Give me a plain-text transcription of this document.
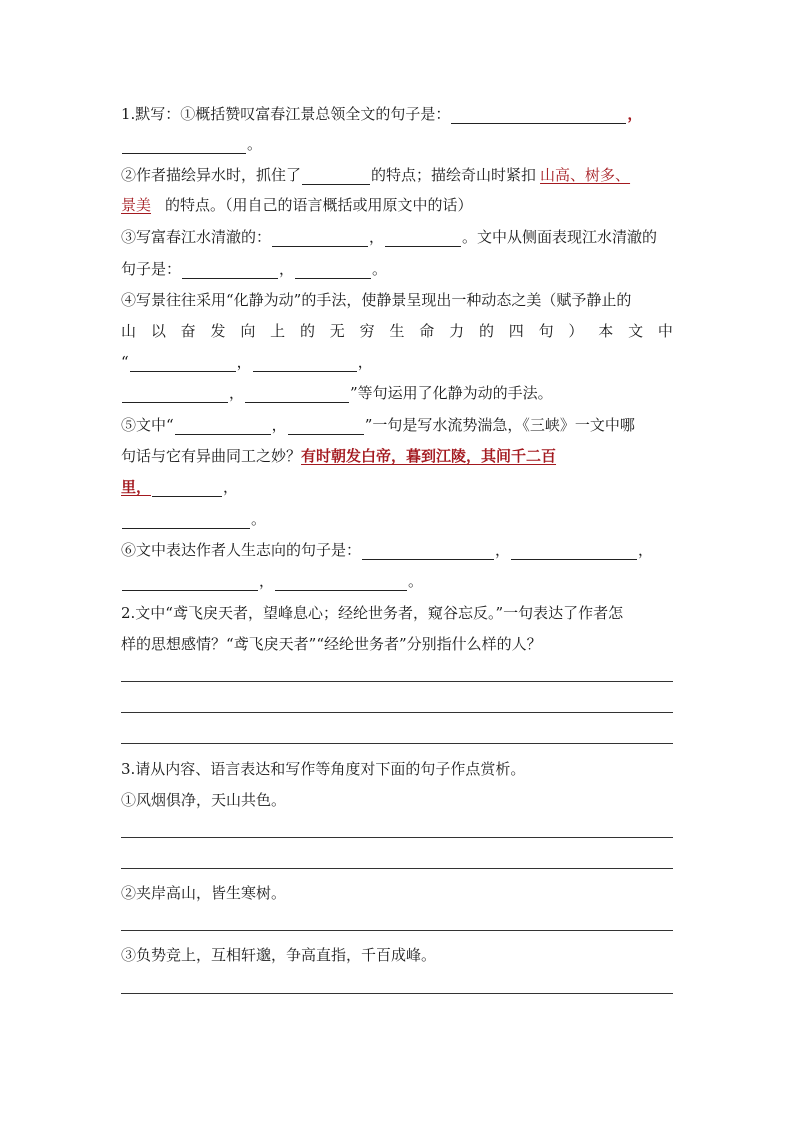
1.默写：①概括赞叹富春江景总领全文的句子是：	，
。
②作者描绘异水时，抓住了	的特点；描绘奇山时紧扣 山高、树多、
景美 的特点。（用自己的语言概括或用原文中的话）
③写富春江水清澈的：	，	。文中从侧面表现江水清澈的
句子是：	，	。
④写景往往采用“化静为动”的手法，使静景呈现出一种动态之美（赋予静止的
山 以 奋 发 向 上 的 无 穷 生 命 力 的 四 句 ） 本 文 中
“	，	，
，	”等句运用了化静为动的手法。
⑤文中“	，	”一句是写水流势湍急，《三峡》一文中哪
句话与它有异曲同工之妙？有时朝发白帝，暮到江陵，其间千二百
里，	，
。
⑥文中表达作者人生志向的句子是：	，	，
，	。
2.文中“鸢飞戾天者，望峰息心；经纶世务者，窥谷忘反。”一句表达了作者怎
样的思想感情？“鸢飞戾天者”“经纶世务者”分别指什么样的人？
3.请从内容、语言表达和写作等角度对下面的句子作点赏析。
①风烟俱净，天山共色。
②夹岸高山，皆生寒树。
③负势竞上，互相轩邈，争高直指，千百成峰。
